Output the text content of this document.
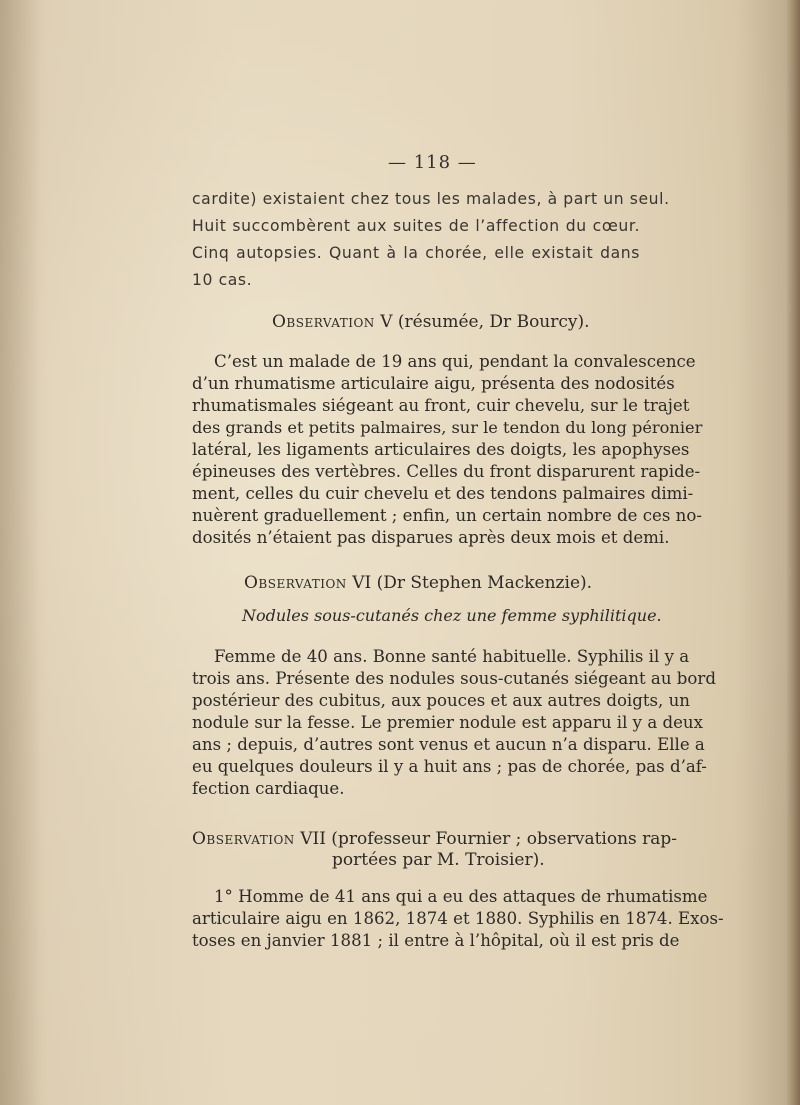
— 118 —
cardite) existaient chez tous les malades, à part un seul.
Huit succombèrent aux suites de l’affection du cœur.
Cinq autopsies. Quant à la chorée, elle existait dans
10 cas.
Observation V (résumée, Dr Bourcy).
C’est un malade de 19 ans qui, pendant la convalescence
d’un rhumatisme articulaire aigu, présenta des nodosités
rhumatismales siégeant au front, cuir chevelu, sur le trajet
des grands et petits palmaires, sur le tendon du long péronier
latéral, les ligaments articulaires des doigts, les apophyses
épineuses des vertèbres. Celles du front disparurent rapide-
ment, celles du cuir chevelu et des tendons palmaires dimi-
nuèrent graduellement ; enfin, un certain nombre de ces no-
dosités n’étaient pas disparues après deux mois et demi.
Observation VI (Dr Stephen Mackenzie).
Nodules sous-cutanés chez une femme syphilitique.
Femme de 40 ans. Bonne santé habituelle. Syphilis il y a
trois ans. Présente des nodules sous-cutanés siégeant au bord
postérieur des cubitus, aux pouces et aux autres doigts, un
nodule sur la fesse. Le premier nodule est apparu il y a deux
ans ; depuis, d’autres sont venus et aucun n’a disparu. Elle a
eu quelques douleurs il y a huit ans ; pas de chorée, pas d’af-
fection cardiaque.
Observation VII (professeur Fournier ; observations rap-
portées par M. Troisier).
1° Homme de 41 ans qui a eu des attaques de rhumatisme
articulaire aigu en 1862, 1874 et 1880. Syphilis en 1874. Exos-
toses en janvier 1881 ; il entre à l’hôpital, où il est pris de
